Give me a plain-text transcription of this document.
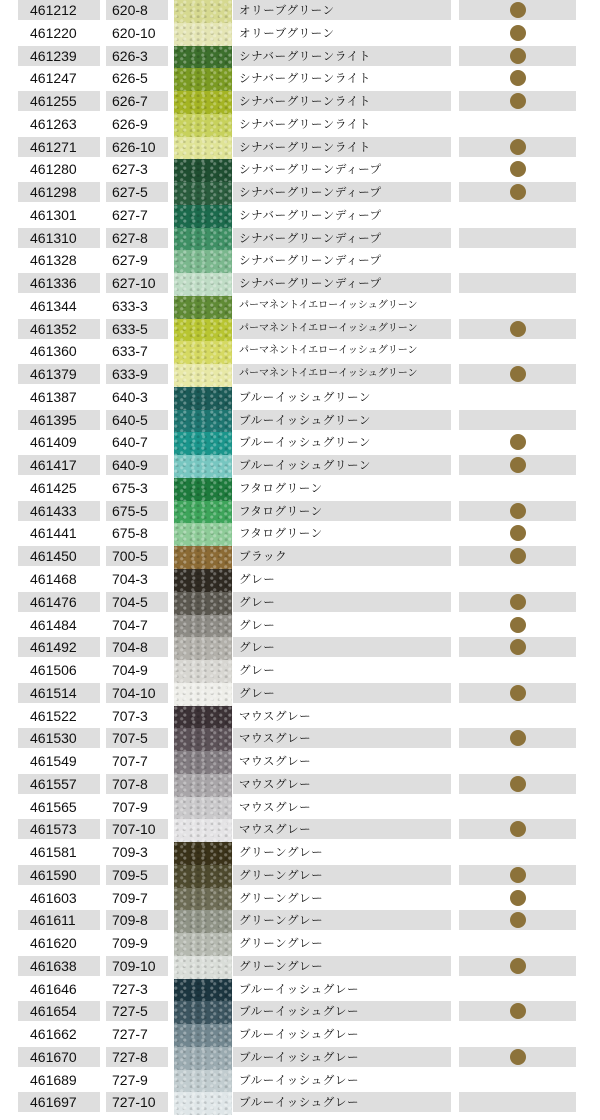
461212	620-8	オリーブグリーン
461220	620-10	オリーブグリーン
461239	626-3	シナバーグリーンライト
461247	626-5	シナバーグリーンライト
461255	626-7	シナバーグリーンライト
461263	626-9	シナバーグリーンライト
461271	626-10	シナバーグリーンライト
461280	627-3	シナバーグリーンディープ
461298	627-5	シナバーグリーンディープ
461301	627-7	シナバーグリーンディープ
461310	627-8	シナバーグリーンディープ
461328	627-9	シナバーグリーンディープ
461336	627-10	シナバーグリーンディープ
461344	633-3	パーマネントイエローイッシュグリーン
461352	633-5	パーマネントイエローイッシュグリーン
461360	633-7	パーマネントイエローイッシュグリーン
461379	633-9	パーマネントイエローイッシュグリーン
461387	640-3	ブルーイッシュグリーン
461395	640-5	ブルーイッシュグリーン
461409	640-7	ブルーイッシュグリーン
461417	640-9	ブルーイッシュグリーン
461425	675-3	フタログリーン
461433	675-5	フタログリーン
461441	675-8	フタログリーン
461450	700-5	ブラック
461468	704-3	グレー
461476	704-5	グレー
461484	704-7	グレー
461492	704-8	グレー
461506	704-9	グレー
461514	704-10	グレー
461522	707-3	マウスグレー
461530	707-5	マウスグレー
461549	707-7	マウスグレー
461557	707-8	マウスグレー
461565	707-9	マウスグレー
461573	707-10	マウスグレー
461581	709-3	グリーングレー
461590	709-5	グリーングレー
461603	709-7	グリーングレー
461611	709-8	グリーングレー
461620	709-9	グリーングレー
461638	709-10	グリーングレー
461646	727-3	ブルーイッシュグレー
461654	727-5	ブルーイッシュグレー
461662	727-7	ブルーイッシュグレー
461670	727-8	ブルーイッシュグレー
461689	727-9	ブルーイッシュグレー
461697	727-10	ブルーイッシュグレー
